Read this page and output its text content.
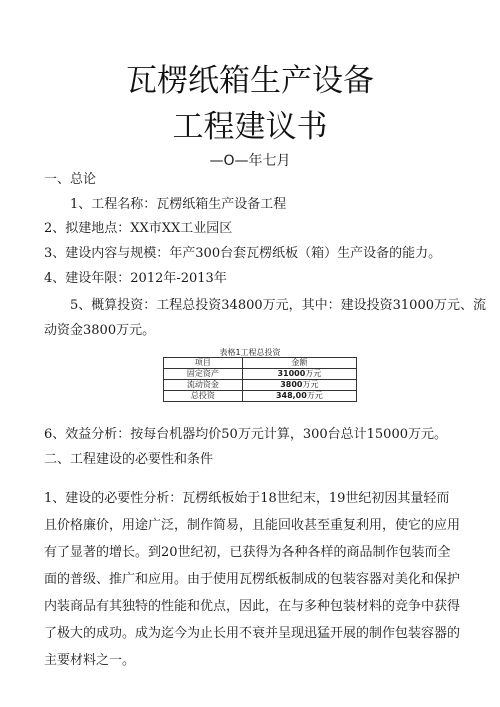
瓦楞纸箱生产设备
工程建议书
—O—年七月
一、总论
1、工程名称：瓦楞纸箱生产设备工程
2、拟建地点：XX市XX工业园区
3、建设内容与规模：年产300台套瓦楞纸板（箱）生产设备的能力。
4、建设年限：2012年-2013年
5、概算投资：工程总投资34800万元，其中：建设投资31000万元、流
动资金3800万元。
表格1工程总投资
项目	金额
固定资产	31000万元
流动资金	3800万元
总投资	348,00万元
6、效益分析：按每台机器均价50万元计算，300台总计15000万元。
二、工程建设的必要性和条件
1、建设的必要性分析：瓦楞纸板始于18世纪末，19世纪初因其量轻而且价格廉价，用途广泛，制作简易，且能回收甚至重复利用，使它的应用有了显著的增长。到20世纪初，已获得为各种各样的商品制作包装而全面的普级、推广和应用。由于使用瓦楞纸板制成的包装容器对美化和保护内装商品有其独特的性能和优点，因此，在与多种包装材料的竞争中获得了极大的成功。成为迄今为止长用不衰并呈现迅猛开展的制作包装容器的主要材料之一。
